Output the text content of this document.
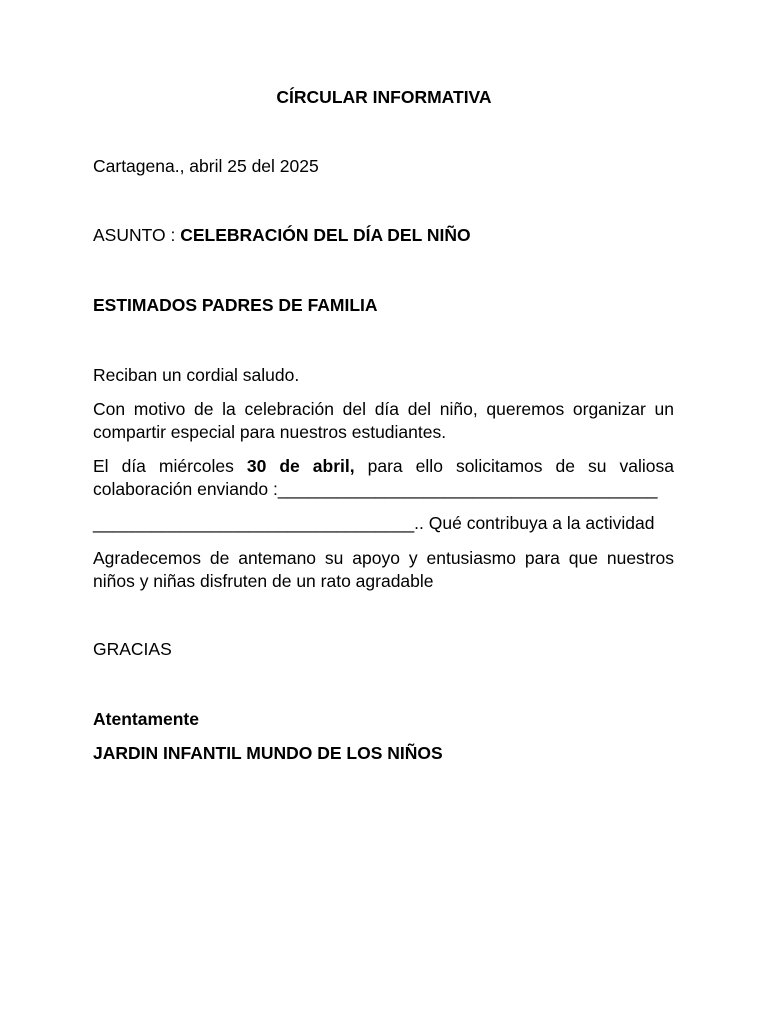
CÍRCULAR INFORMATIVA

Cartagena., abril 25 del 2025

ASUNTO : CELEBRACIÓN DEL DÍA DEL NIÑO

ESTIMADOS PADRES DE FAMILIA

Reciban un cordial saludo.

Con motivo de la celebración del día del niño, queremos organizar un compartir especial para nuestros estudiantes.

El día miércoles 30 de abril, para ello solicitamos de su valiosa colaboración enviando :_______________________________________

_________________________________.. Qué contribuya a la actividad

Agradecemos de antemano su apoyo y entusiasmo para que nuestros niños y niñas disfruten de un rato agradable

GRACIAS

Atentamente

JARDIN INFANTIL MUNDO DE LOS NIÑOS
